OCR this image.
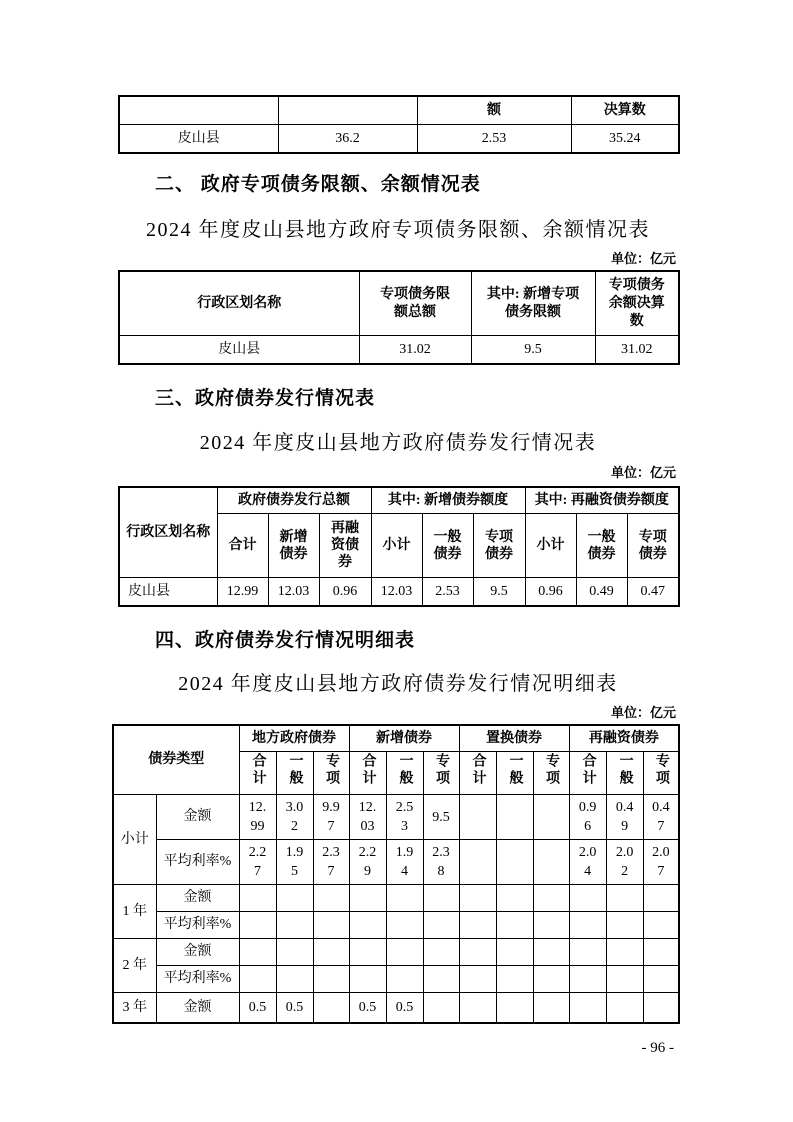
		额	决算数
皮山县	36.2	2.53	35.24
二、 政府专项债务限额、余额情况表
2024 年度皮山县地方政府专项债务限额、余额情况表
单位：亿元
行政区划名称	专项债务限额总额	其中: 新增专项债务限额	专项债务余额决算数
皮山县	31.02	9.5	31.02
三、政府债券发行情况表
2024 年度皮山县地方政府债券发行情况表
单位：亿元
行政区划名称	政府债券发行总额			其中: 新增债券额度			其中: 再融资债券额度		
	合计	新增债券	再融资债券	小计	一般债券	专项债券	小计	一般债券	专项债券
皮山县	12.99	12.03	0.96	12.03	2.53	9.5	0.96	0.49	0.47
四、政府债券发行情况明细表
2024 年度皮山县地方政府债券发行情况明细表
单位：亿元
债券类型		地方政府债券			新增债券			置换债券			再融资债券		
		合计	一般	专项	合计	一般	专项	合计	一般	专项	合计	一般	专项
小计	金额	12.99	3.02	9.97	12.03	2.53	9.5				0.96	0.49	0.47
	平均利率%	2.27	1.95	2.37	2.29	1.94	2.38				2.04	2.02	2.07
1 年	金额												
	平均利率%												
2 年	金额												
	平均利率%												
3 年	金额	0.5	0.5		0.5	0.5							
- 96 -
